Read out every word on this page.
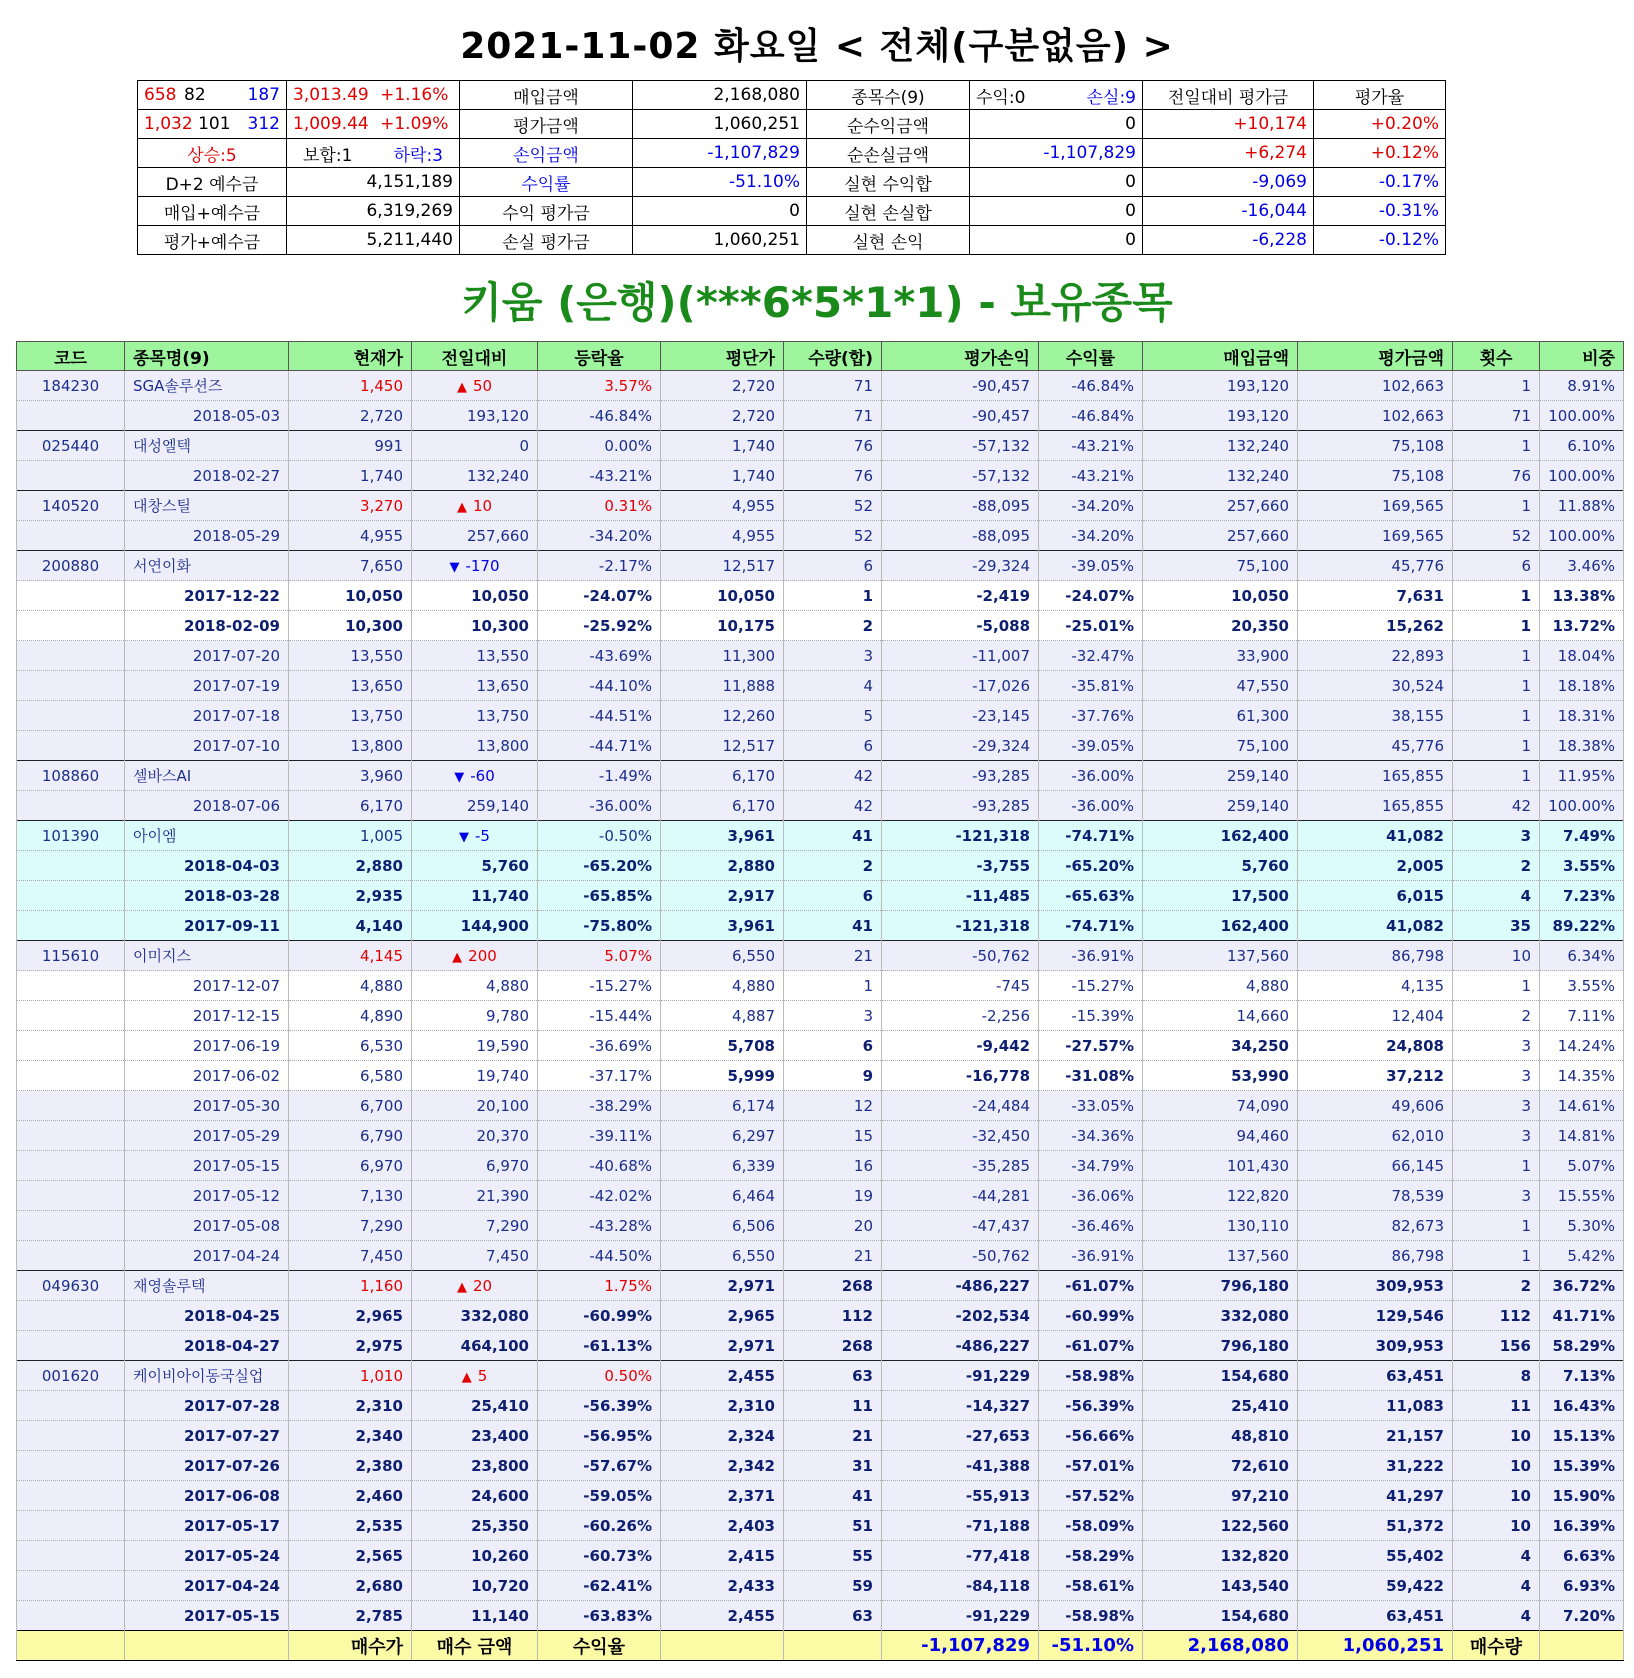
2021-11-02 화요일 < 전체(구분없음) >
658 82 187	3,013.49 +1.16%	매입금액	2,168,080	종목수(9)	수익:0 손실:9	전일대비 평가금	평가율
1,032 101 312	1,009.44 +1.09%	평가금액	1,060,251	순수익금액	0	+10,174	+0.20%
상승:5	보합:1 하락:3	손익금액	-1,107,829	순손실금액	-1,107,829	+6,274	+0.12%
D+2 예수금	4,151,189	수익률	-51.10%	실현 수익합	0	-9,069	-0.17%
매입+예수금	6,319,269	수익 평가금	0	실현 손실합	0	-16,044	-0.31%
평가+예수금	5,211,440	손실 평가금	1,060,251	실현 손익	0	-6,228	-0.12%
키움 (은행)(***6*5*1*1) - 보유종목
코드	종목명(9)	현재가	전일대비	등락율	평단가	수량(합)	평가손익	수익률	매입금액	평가금액	횟수	비중
184230	SGA솔루션즈	1,450	▲ 50	3.57%	2,720	71	-90,457	-46.84%	193,120	102,663	1	8.91%
	2018-05-03	2,720	193,120	-46.84%	2,720	71	-90,457	-46.84%	193,120	102,663	71	100.00%
025440	대성엘텍	991	0	0.00%	1,740	76	-57,132	-43.21%	132,240	75,108	1	6.10%
	2018-02-27	1,740	132,240	-43.21%	1,740	76	-57,132	-43.21%	132,240	75,108	76	100.00%
140520	대창스틸	3,270	▲ 10	0.31%	4,955	52	-88,095	-34.20%	257,660	169,565	1	11.88%
	2018-05-29	4,955	257,660	-34.20%	4,955	52	-88,095	-34.20%	257,660	169,565	52	100.00%
200880	서연이화	7,650	▼ -170	-2.17%	12,517	6	-29,324	-39.05%	75,100	45,776	6	3.46%
	2017-12-22	10,050	10,050	-24.07%	10,050	1	-2,419	-24.07%	10,050	7,631	1	13.38%
	2018-02-09	10,300	10,300	-25.92%	10,175	2	-5,088	-25.01%	20,350	15,262	1	13.72%
	2017-07-20	13,550	13,550	-43.69%	11,300	3	-11,007	-32.47%	33,900	22,893	1	18.04%
	2017-07-19	13,650	13,650	-44.10%	11,888	4	-17,026	-35.81%	47,550	30,524	1	18.18%
	2017-07-18	13,750	13,750	-44.51%	12,260	5	-23,145	-37.76%	61,300	38,155	1	18.31%
	2017-07-10	13,800	13,800	-44.71%	12,517	6	-29,324	-39.05%	75,100	45,776	1	18.38%
108860	셀바스AI	3,960	▼ -60	-1.49%	6,170	42	-93,285	-36.00%	259,140	165,855	1	11.95%
	2018-07-06	6,170	259,140	-36.00%	6,170	42	-93,285	-36.00%	259,140	165,855	42	100.00%
101390	아이엠	1,005	▼ -5	-0.50%	3,961	41	-121,318	-74.71%	162,400	41,082	3	7.49%
	2018-04-03	2,880	5,760	-65.20%	2,880	2	-3,755	-65.20%	5,760	2,005	2	3.55%
	2018-03-28	2,935	11,740	-65.85%	2,917	6	-11,485	-65.63%	17,500	6,015	4	7.23%
	2017-09-11	4,140	144,900	-75.80%	3,961	41	-121,318	-74.71%	162,400	41,082	35	89.22%
115610	이미지스	4,145	▲ 200	5.07%	6,550	21	-50,762	-36.91%	137,560	86,798	10	6.34%
	2017-12-07	4,880	4,880	-15.27%	4,880	1	-745	-15.27%	4,880	4,135	1	3.55%
	2017-12-15	4,890	9,780	-15.44%	4,887	3	-2,256	-15.39%	14,660	12,404	2	7.11%
	2017-06-19	6,530	19,590	-36.69%	5,708	6	-9,442	-27.57%	34,250	24,808	3	14.24%
	2017-06-02	6,580	19,740	-37.17%	5,999	9	-16,778	-31.08%	53,990	37,212	3	14.35%
	2017-05-30	6,700	20,100	-38.29%	6,174	12	-24,484	-33.05%	74,090	49,606	3	14.61%
	2017-05-29	6,790	20,370	-39.11%	6,297	15	-32,450	-34.36%	94,460	62,010	3	14.81%
	2017-05-15	6,970	6,970	-40.68%	6,339	16	-35,285	-34.79%	101,430	66,145	1	5.07%
	2017-05-12	7,130	21,390	-42.02%	6,464	19	-44,281	-36.06%	122,820	78,539	3	15.55%
	2017-05-08	7,290	7,290	-43.28%	6,506	20	-47,437	-36.46%	130,110	82,673	1	5.30%
	2017-04-24	7,450	7,450	-44.50%	6,550	21	-50,762	-36.91%	137,560	86,798	1	5.42%
049630	재영솔루텍	1,160	▲ 20	1.75%	2,971	268	-486,227	-61.07%	796,180	309,953	2	36.72%
	2018-04-25	2,965	332,080	-60.99%	2,965	112	-202,534	-60.99%	332,080	129,546	112	41.71%
	2018-04-27	2,975	464,100	-61.13%	2,971	268	-486,227	-61.07%	796,180	309,953	156	58.29%
001620	케이비아이동국실업	1,010	▲ 5	0.50%	2,455	63	-91,229	-58.98%	154,680	63,451	8	7.13%
	2017-07-28	2,310	25,410	-56.39%	2,310	11	-14,327	-56.39%	25,410	11,083	11	16.43%
	2017-07-27	2,340	23,400	-56.95%	2,324	21	-27,653	-56.66%	48,810	21,157	10	15.13%
	2017-07-26	2,380	23,800	-57.67%	2,342	31	-41,388	-57.01%	72,610	31,222	10	15.39%
	2017-06-08	2,460	24,600	-59.05%	2,371	41	-55,913	-57.52%	97,210	41,297	10	15.90%
	2017-05-17	2,535	25,350	-60.26%	2,403	51	-71,188	-58.09%	122,560	51,372	10	16.39%
	2017-05-24	2,565	10,260	-60.73%	2,415	55	-77,418	-58.29%	132,820	55,402	4	6.63%
	2017-04-24	2,680	10,720	-62.41%	2,433	59	-84,118	-58.61%	143,540	59,422	4	6.93%
	2017-05-15	2,785	11,140	-63.83%	2,455	63	-91,229	-58.98%	154,680	63,451	4	7.20%
		매수가	매수 금액	수익율			-1,107,829	-51.10%	2,168,080	1,060,251	매수량	
